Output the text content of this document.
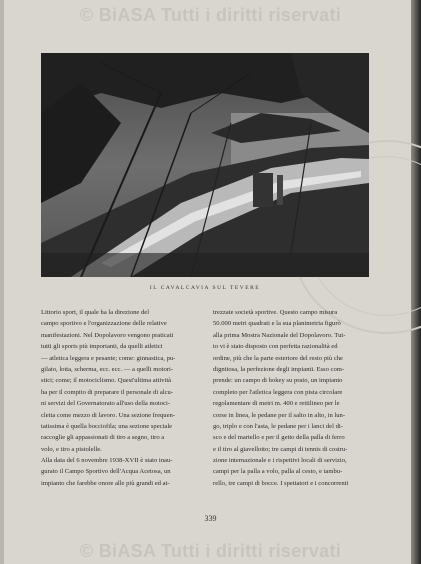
© BiASA Tutti i diritti riservati
IL CAVALCAVIA SUL TEVERE
Littorio sport, il quale ha la direzione del
campo sportivo e l'organizzazione delle relative
manifestazioni. Nel Dopolavoro vengono praticati
tutti gli sports più importanti, da quelli atletici
— atletica leggera e pesante; come: ginnastica, pu-
gilato, lotta, scherma, ecc. ecc. — a quelli motori-
stici; come; il motociclismo. Quest'ultima attività
ha per il compito di preparare il personale di alcu-
ni servizi del Governatorato all'uso della motoci-
cletta come mezzo di lavoro. Una sezione frequen-
tatissima è quella bocciofila; una sezione speciale
raccoglie gli appassionati di tiro a segno, tiro a
volo, e tiro a pistolelle.
Alla data del 6 novembre 1938-XVII è stato inau-
gurato il Campo Sportivo dell'Acqua Acetosa, un
impianto che farebbe onore alle più grandi ed at-
trezzate società sportive. Questo campo misura
50.000 metri quadrati e la sua planimetria figurò
alla prima Mostra Nazionale del Dopolavoro. Tut-
to vi è stato disposto con perfetta razionalità ed
ordine, più che la parte esteriore del resto più che
dignitosa, la perfezione degli impianti. Esso com-
prende: un campo di hokey su prato, un impianto
completo per l'atletica leggera con pista circolare
regolamentare di metri m. 400 e rettilineo per le
corse in linea, le pedane per il salto in alto, in lun-
go, triplo e con l'asta, le pedane per i lanci del di-
sco e del martello e per il getto della palla di ferro
e il tiro al giavellotto; tre campi di tennis di costru-
zione internazionale e i rispettivi locali di servizio,
campi per la palla a volo, palla al cesto, e tambu-
rello, tre campi di bocce. I spettatori e i concorrenti
339
© BiASA Tutti i diritti riservati
